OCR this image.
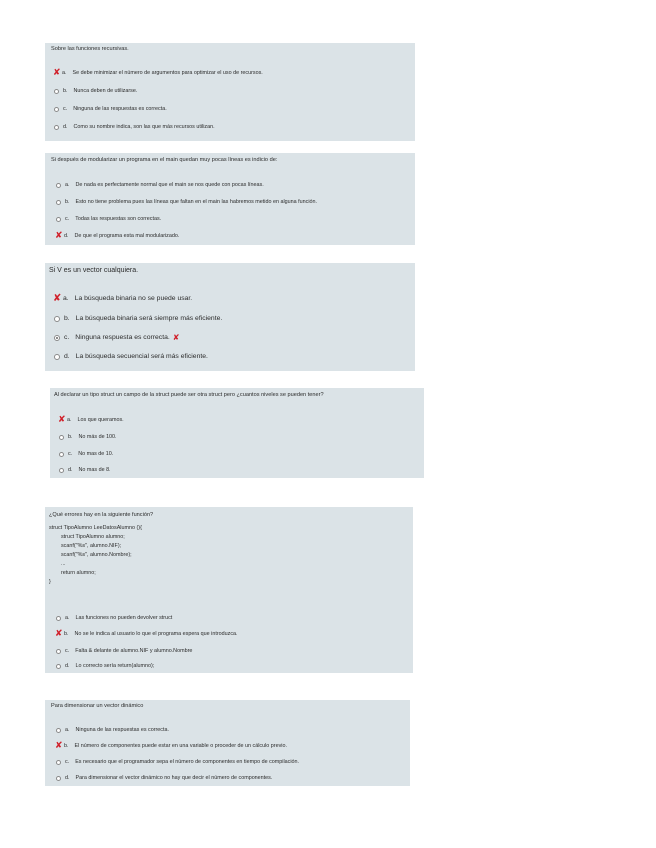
Sobre las funciones recursivas.
✘ a. Se debe minimizar el número de argumentos para optimizar el uso de recursos.
b. Nunca deben de utilizarse.
c. Ninguna de las respuestas es correcta.
d. Como su nombre indica, son las que más recursos utilizan.
Si después de modularizar un programa en el main quedan muy pocas líneas es indicio de:
a. De nada es perfectamente normal que el main se nos quede con pocas líneas.
b. Esto no tiene problema pues las líneas que faltan en el main las habremos metido en alguna función.
c. Todas las respuestas son correctas.
✘ d. De que el programa esta mal modularizado.
Si V es un vector cualquiera.
✘ a. La búsqueda binaria no se puede usar.
b. La búsqueda binaria será siempre más eficiente.
c. Ninguna respuesta es correcta. ✘
d. La búsqueda secuencial será más eficiente.
Al declarar un tipo struct un campo de la struct puede ser otra struct pero ¿cuantos niveles se pueden tener?
✘ a. Los que queramos.
b. No más de 100.
c. No mas de 10.
d. No mas de 8.
¿Qué errores hay en la siguiente función?
struct TipoAlumno LeeDatosAlumno (){
struct TipoAlumno alumno;
scanf("%s", alumno.NIF);
scanf("%s", alumno.Nombre);
...
return alumno;
}
a. Las funciones no pueden devolver struct
✘ b. No se le indica al usuario lo que el programa espera que introduzca.
c. Falta & delante de alumno.NIF y alumno.Nombre
d. Lo correcto sería return(alumno);
Para dimensionar un vector dinámico
a. Ninguna de las respuestas es correcta.
✘ b. El número de componentes puede estar en una variable o proceder de un cálculo previo.
c. Es necesario que el programador sepa el número de componentes en tiempo de compilación.
d. Para dimensionar el vector dinámico no hay que decir el número de componentes.
